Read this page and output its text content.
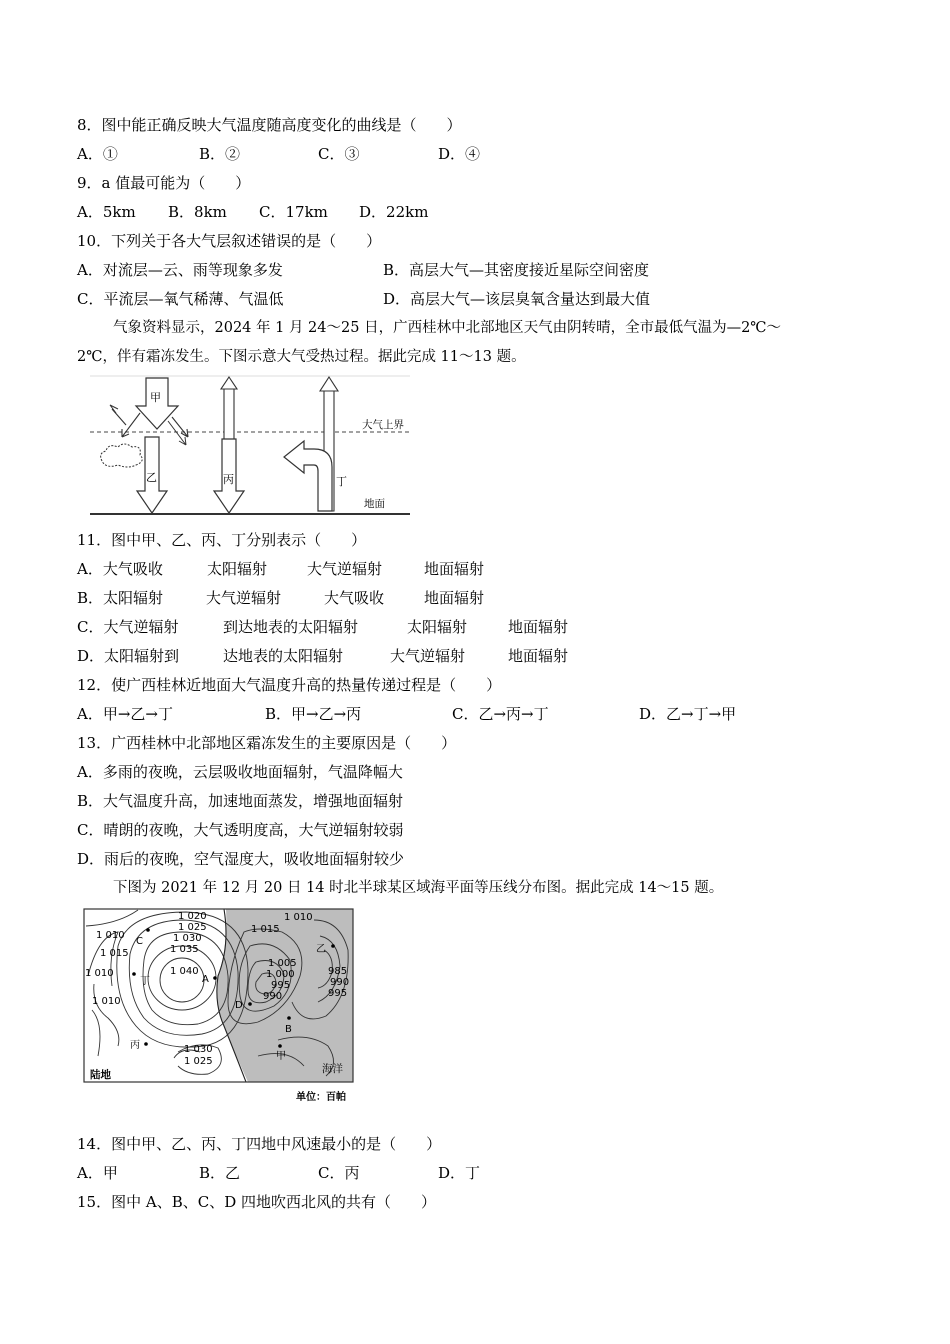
8．图中能正确反映大气温度随高度变化的曲线是（　　）
A．①	B．②	C．③	D．④
9．a 值最可能为（　　）
A．5km B．8km C．17km D．22km
10．下列关于各大气层叙述错误的是（　　）
A．对流层—云、雨等现象多发	B．高层大气—其密度接近星际空间密度
C．平流层—氧气稀薄、气温低	D．高层大气—该层臭氧含量达到最大值
气象资料显示，2024 年 1 月 24～25 日，广西桂林中北部地区天气由阴转晴，全市最低气温为—2℃～
2℃，伴有霜冻发生。下图示意大气受热过程。据此完成 11～13 题。
甲
乙	丙	丁
大气上界
地面
11．图中甲、乙、丙、丁分别表示（　　）
A．大气吸收	太阳辐射	大气逆辐射	地面辐射
B．太阳辐射	大气逆辐射	大气吸收	地面辐射
C．大气逆辐射	到达地表的太阳辐射	太阳辐射	地面辐射
D．太阳辐射到	达地表的太阳辐射	大气逆辐射	地面辐射
12．使广西桂林近地面大气温度升高的热量传递过程是（　　）
A．甲→乙→丁	B．甲→乙→丙	C．乙→丙→丁	D．乙→丁→甲
13．广西桂林中北部地区霜冻发生的主要原因是（　　）
A．多雨的夜晚，云层吸收地面辐射，气温降幅大
B．大气温度升高，加速地面蒸发，增强地面辐射
C．晴朗的夜晚，大气透明度高，大气逆辐射较弱
D．雨后的夜晚，空气湿度大，吸收地面辐射较少
下图为 2021 年 12 月 20 日 14 时北半球某区域海平面等压线分布图。据此完成 14～15 题。
1 020
1 025
1 030
1 035
1 040
1 010
1 015
1 010
1 010
1 010
1 015
1 005
1 000
995
990
985
990
995
1 030
1 025
C
A
D
B
甲
乙
丙
丁
陆地	海洋
单位：百帕
14．图中甲、乙、丙、丁四地中风速最小的是（　　）
A．甲	B．乙	C．丙	D．丁
15．图中 A、B、C、D 四地吹西北风的共有（　　）
